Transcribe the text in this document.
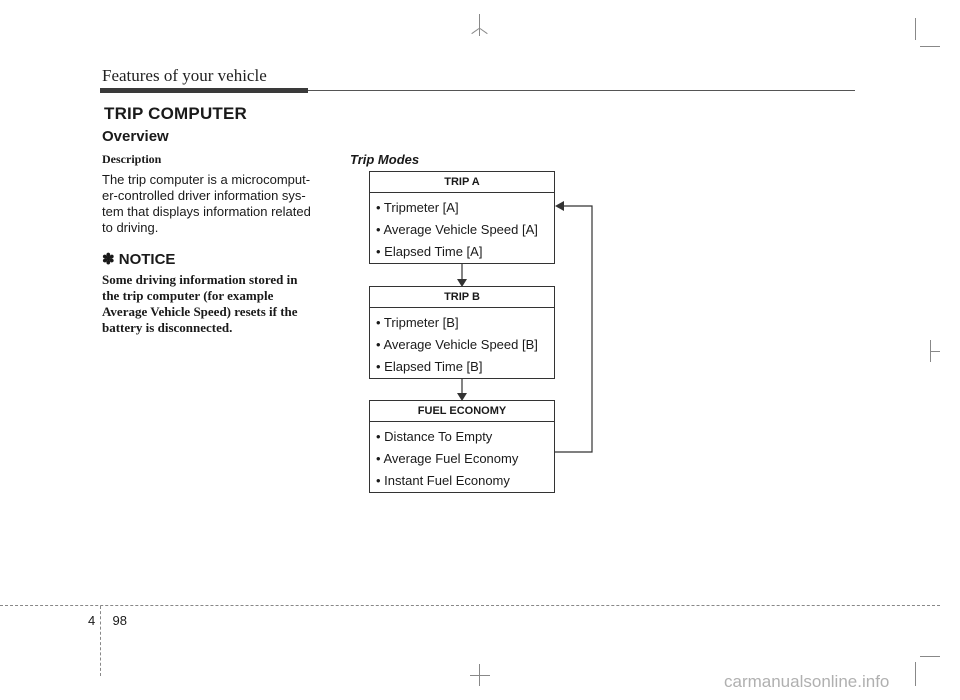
Features of your vehicle
TRIP COMPUTER
Overview
Description
The trip computer is a microcomput-
er-controlled driver information sys-
tem that displays information related
to driving.
✽ NOTICE
Some driving information stored in
the trip computer (for example
Average Vehicle Speed) resets if the
battery is disconnected.
Trip Modes
TRIP A
• Tripmeter [A]
• Average Vehicle Speed [A]
• Elapsed Time [A]
TRIP B
• Tripmeter [B]
• Average Vehicle Speed [B]
• Elapsed Time [B]
FUEL ECONOMY
• Distance To Empty
• Average Fuel Economy
• Instant Fuel Economy
4 98
carmanualsonline.info
